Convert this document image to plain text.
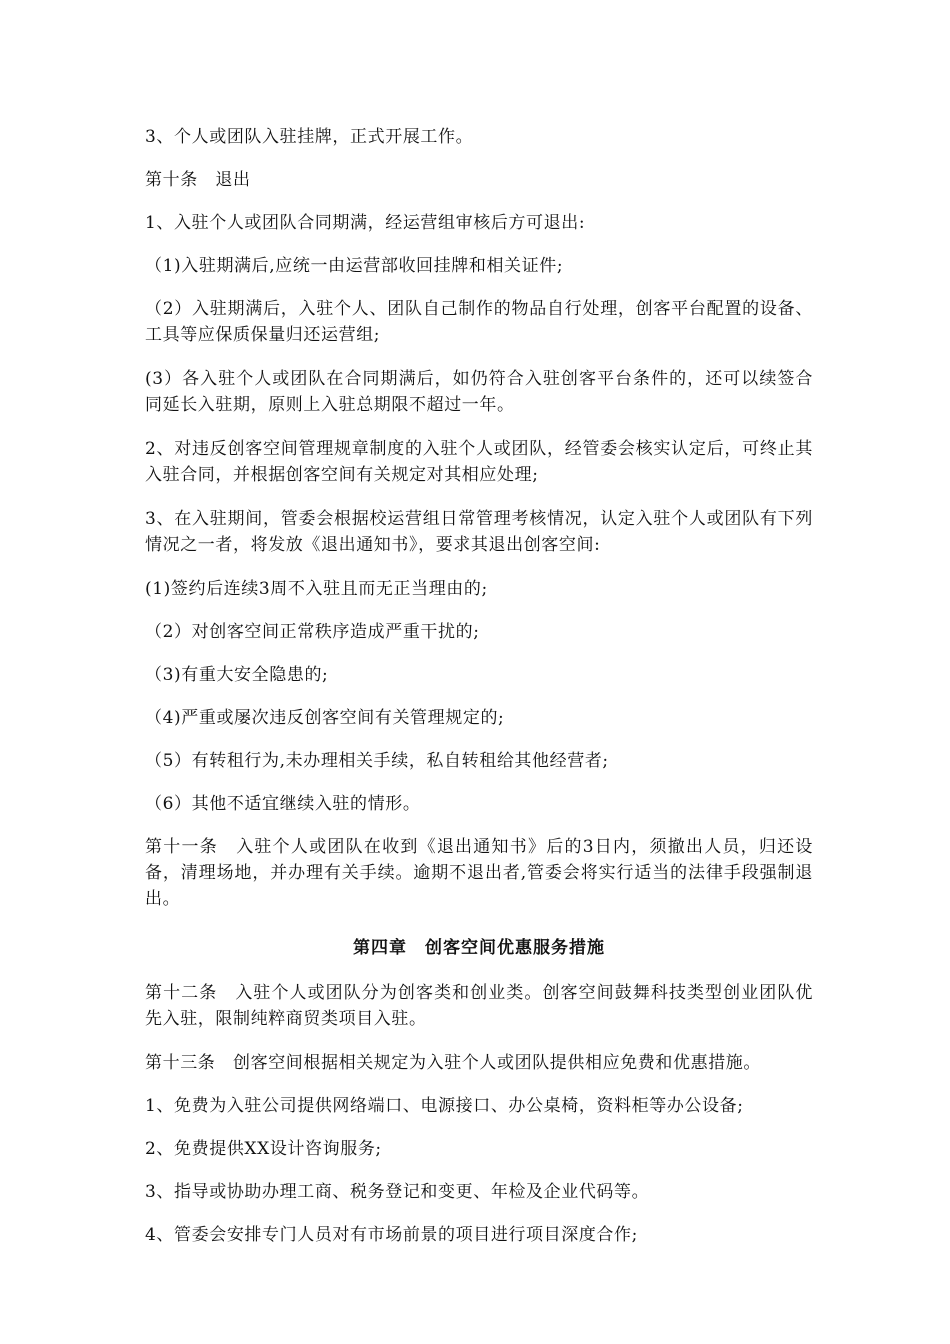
3、个人或团队入驻挂牌，正式开展工作。

第十条　退出

1、入驻个人或团队合同期满，经运营组审核后方可退出:

（1)入驻期满后,应统一由运营部收回挂牌和相关证件;

（2）入驻期满后，入驻个人、团队自己制作的物品自行处理，创客平台配置的设备、工具等应保质保量归还运营组;

(3）各入驻个人或团队在合同期满后，如仍符合入驻创客平台条件的，还可以续签合同延长入驻期，原则上入驻总期限不超过一年。

2、对违反创客空间管理规章制度的入驻个人或团队，经管委会核实认定后，可终止其入驻合同，并根据创客空间有关规定对其相应处理;

3、在入驻期间，管委会根据校运营组日常管理考核情况，认定入驻个人或团队有下列情况之一者，将发放《退出通知书》，要求其退出创客空间:

(1)签约后连续3周不入驻且而无正当理由的;

（2）对创客空间正常秩序造成严重干扰的;

（3)有重大安全隐患的;

（4)严重或屡次违反创客空间有关管理规定的;

（5）有转租行为,未办理相关手续，私自转租给其他经营者;

（6）其他不适宜继续入驻的情形。

第十一条　入驻个人或团队在收到《退出通知书》后的3日内，须撤出人员，归还设备，清理场地，并办理有关手续。逾期不退出者,管委会将实行适当的法律手段强制退出。

第四章　创客空间优惠服务措施

第十二条　入驻个人或团队分为创客类和创业类。创客空间鼓舞科技类型创业团队优先入驻，限制纯粹商贸类项目入驻。

第十三条　创客空间根据相关规定为入驻个人或团队提供相应免费和优惠措施。

1、免费为入驻公司提供网络端口、电源接口、办公桌椅，资料柜等办公设备;

2、免费提供XX设计咨询服务;

3、指导或协助办理工商、税务登记和变更、年检及企业代码等。

4、管委会安排专门人员对有市场前景的项目进行项目深度合作;
